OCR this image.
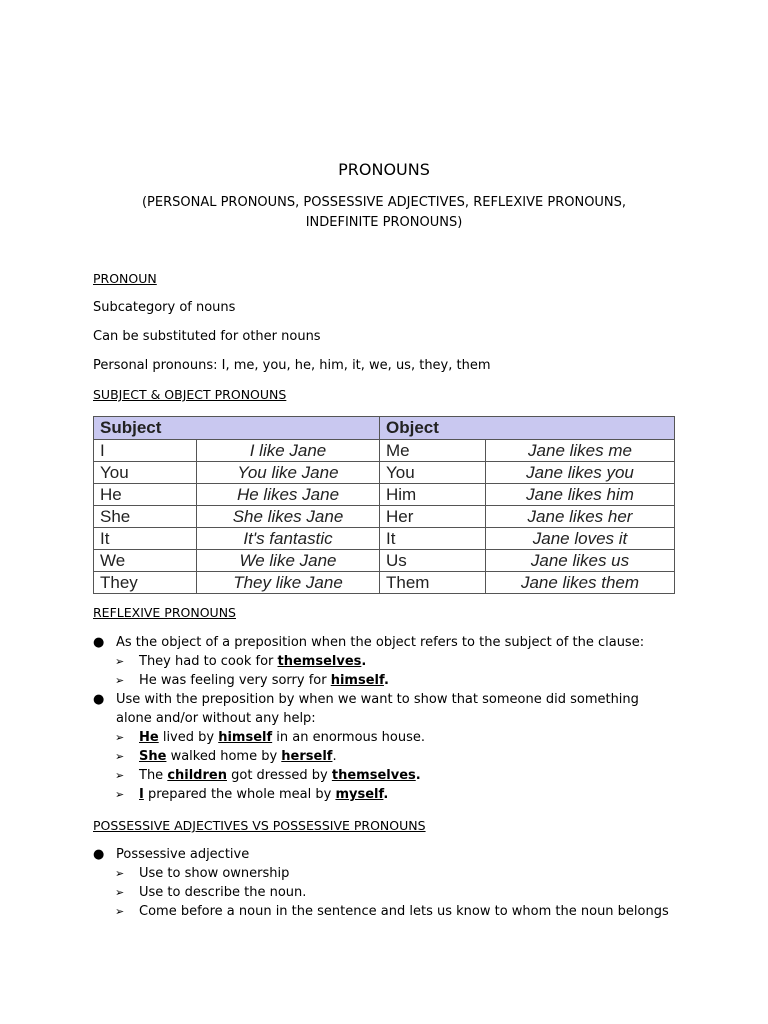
PRONOUNS
(PERSONAL PRONOUNS, POSSESSIVE ADJECTIVES, REFLEXIVE PRONOUNS, INDEFINITE PRONOUNS)
PRONOUN
Subcategory of nouns
Can be substituted for other nouns
Personal pronouns: I, me, you, he, him, it, we, us, they, them
SUBJECT & OBJECT PRONOUNS
Subject		Object	
I	I like Jane	Me	Jane likes me
You	You like Jane	You	Jane likes you
He	He likes Jane	Him	Jane likes him
She	She likes Jane	Her	Jane likes her
It	It's fantastic	It	Jane loves it
We	We like Jane	Us	Jane likes us
They	They like Jane	Them	Jane likes them
REFLEXIVE PRONOUNS
● As the object of a preposition when the object refers to the subject of the clause:
➢ They had to cook for themselves.
➢ He was feeling very sorry for himself.
● Use with the preposition by when we want to show that someone did something alone and/or without any help:
➢ He lived by himself in an enormous house.
➢ She walked home by herself.
➢ The children got dressed by themselves.
➢ I prepared the whole meal by myself.
POSSESSIVE ADJECTIVES VS POSSESSIVE PRONOUNS
● Possessive adjective
➢ Use to show ownership
➢ Use to describe the noun.
➢ Come before a noun in the sentence and lets us know to whom the noun belongs
